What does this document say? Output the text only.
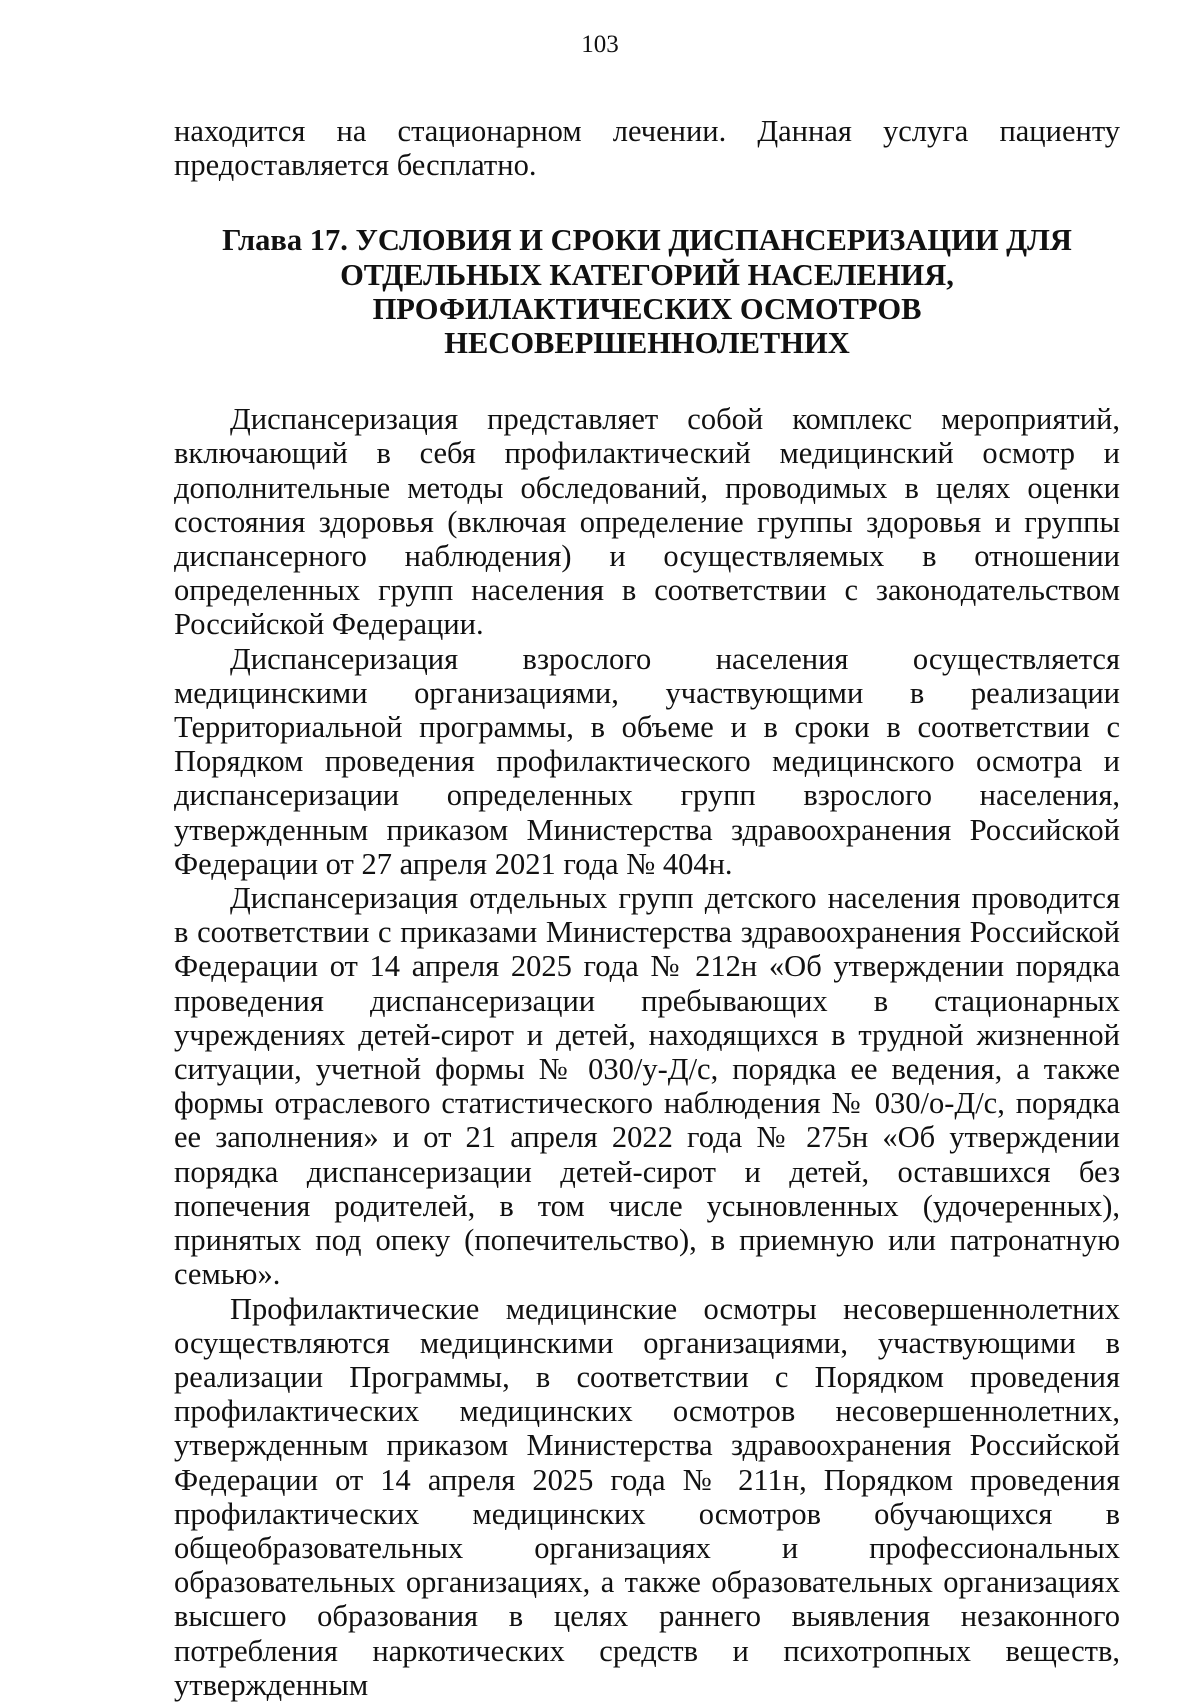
103

находится на стационарном лечении. Данная услуга пациенту предоставляется бесплатно.

Глава 17. УСЛОВИЯ И СРОКИ ДИСПАНСЕРИЗАЦИИ ДЛЯ ОТДЕЛЬНЫХ КАТЕГОРИЙ НАСЕЛЕНИЯ, ПРОФИЛАКТИЧЕСКИХ ОСМОТРОВ НЕСОВЕРШЕННОЛЕТНИХ

Диспансеризация представляет собой комплекс мероприятий, включающий в себя профилактический медицинский осмотр и дополнительные методы обследований, проводимых в целях оценки состояния здоровья (включая определение группы здоровья и группы диспансерного наблюдения) и осуществляемых в отношении определенных групп населения в соответствии с законодательством Российской Федерации.

Диспансеризация взрослого населения осуществляется медицинскими организациями, участвующими в реализации Территориальной программы, в объеме и в сроки в соответствии с Порядком проведения профилактического медицинского осмотра и диспансеризации определенных групп взрослого населения, утвержденным приказом Министерства здравоохранения Российской Федерации от 27 апреля 2021 года № 404н.

Диспансеризация отдельных групп детского населения проводится в соответствии с приказами Министерства здравоохранения Российской Федерации от 14 апреля 2025 года № 212н «Об утверждении порядка проведения диспансеризации пребывающих в стационарных учреждениях детей-сирот и детей, находящихся в трудной жизненной ситуации, учетной формы № 030/у-Д/с, порядка ее ведения, а также формы отраслевого статистического наблюдения № 030/о-Д/с, порядка ее заполнения» и от 21 апреля 2022 года № 275н «Об утверждении порядка диспансеризации детей-сирот и детей, оставшихся без попечения родителей, в том числе усыновленных (удочеренных), принятых под опеку (попечительство), в приемную или патронатную семью».

Профилактические медицинские осмотры несовершеннолетних осуществляются медицинскими организациями, участвующими в реализации Программы, в соответствии с Порядком проведения профилактических медицинских осмотров несовершеннолетних, утвержденным приказом Министерства здравоохранения Российской Федерации от 14 апреля 2025 года № 211н, Порядком проведения профилактических медицинских осмотров обучающихся в общеобразовательных организациях и профессиональных образовательных организациях, а также образовательных организациях высшего образования в целях раннего выявления незаконного потребления наркотических средств и психотропных веществ, утвержденным
